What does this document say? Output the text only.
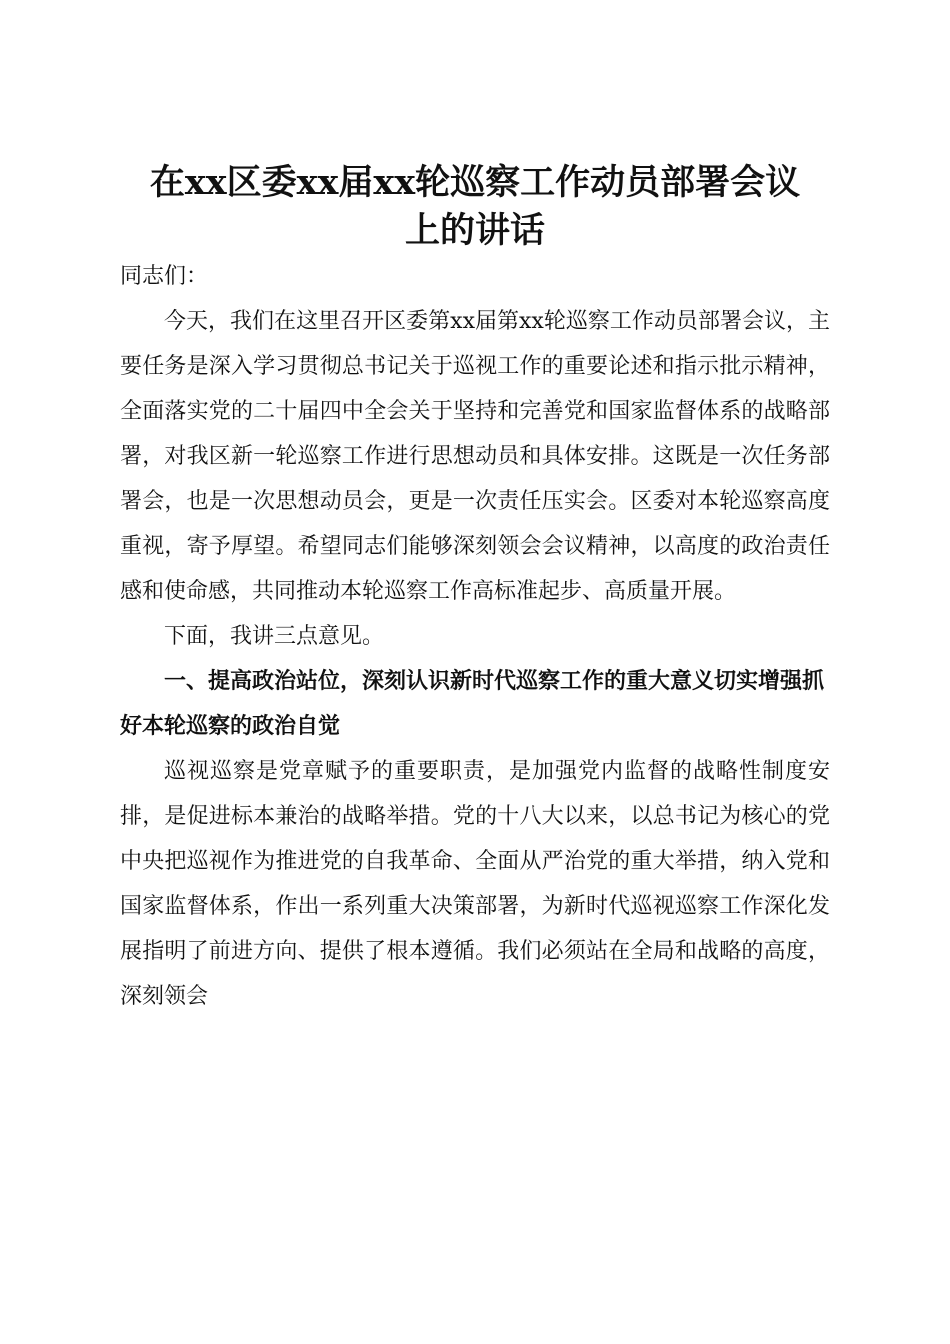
在xx区委xx届xx轮巡察工作动员部署会议
上的讲话

同志们：

今天，我们在这里召开区委第xx届第xx轮巡察工作动员部署会议，主要任务是深入学习贯彻总书记关于巡视工作的重要论述和指示批示精神，全面落实党的二十届四中全会关于坚持和完善党和国家监督体系的战略部署，对我区新一轮巡察工作进行思想动员和具体安排。这既是一次任务部署会，也是一次思想动员会，更是一次责任压实会。区委对本轮巡察高度重视，寄予厚望。希望同志们能够深刻领会会议精神，以高度的政治责任感和使命感，共同推动本轮巡察工作高标准起步、高质量开展。

下面，我讲三点意见。

一、提高政治站位，深刻认识新时代巡察工作的重大意义切实增强抓好本轮巡察的政治自觉

巡视巡察是党章赋予的重要职责，是加强党内监督的战略性制度安排，是促进标本兼治的战略举措。党的十八大以来，以总书记为核心的党中央把巡视作为推进党的自我革命、全面从严治党的重大举措，纳入党和国家监督体系，作出一系列重大决策部署，为新时代巡视巡察工作深化发展指明了前进方向、提供了根本遵循。我们必须站在全局和战略的高度，深刻领会
